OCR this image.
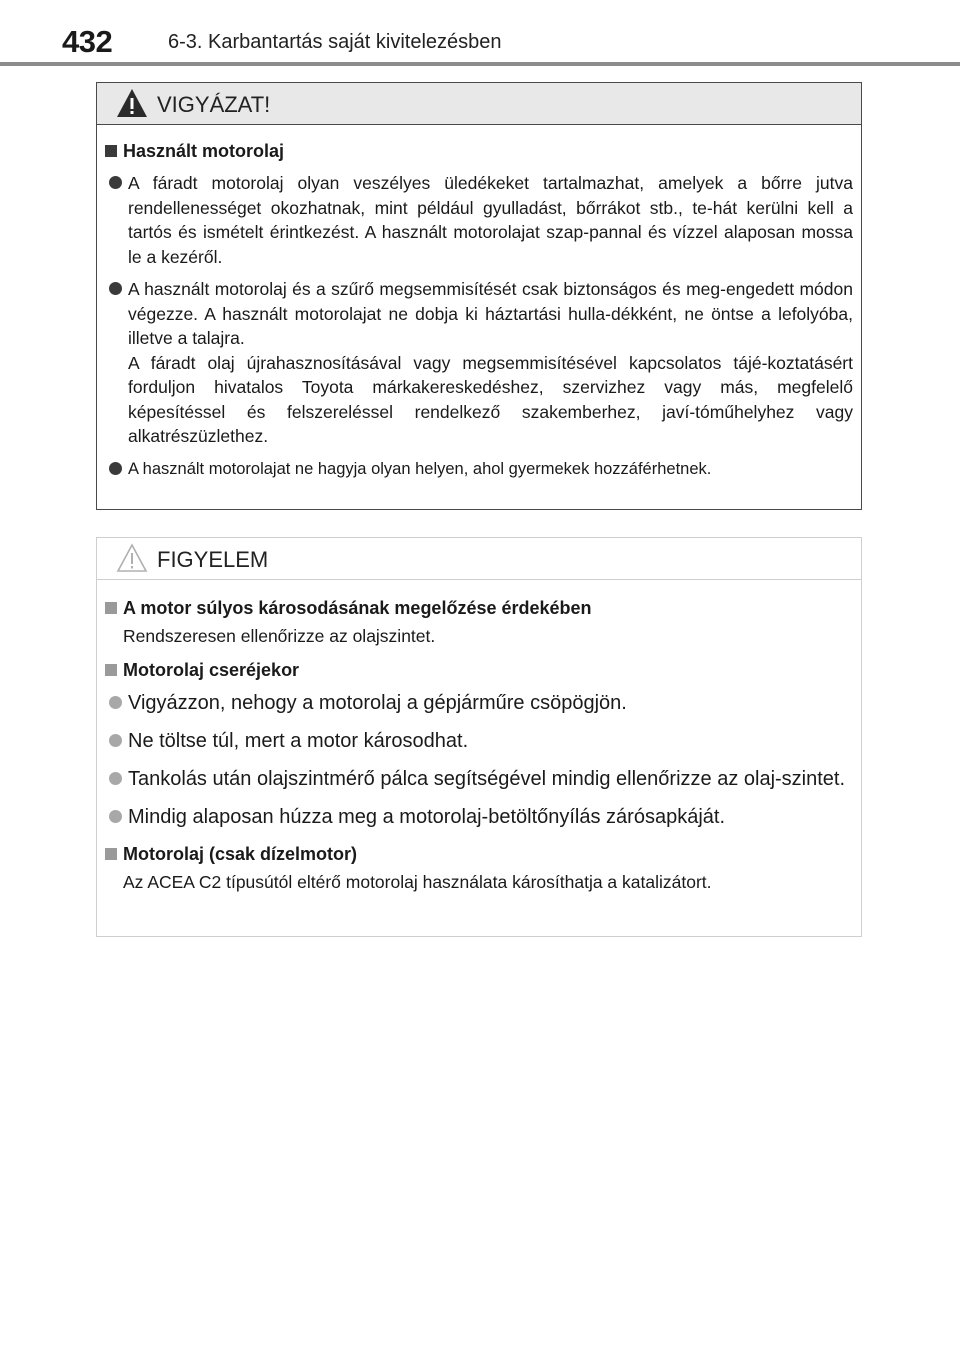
432	6-3. Karbantartás saját kivitelezésben
VIGYÁZAT!
Használt motorolaj

A fáradt motorolaj olyan veszélyes üledékeket tartalmazhat, amelyek a bőrre jutva rendellenességet okozhatnak, mint például gyulladást, bőrrákot stb., te-hát kerülni kell a tartós és ismételt érintkezést. A használt motorolajat szap-pannal és vízzel alaposan mossa le a kezéről.

A használt motorolaj és a szűrő megsemmisítését csak biztonságos és meg-engedett módon végezze. A használt motorolajat ne dobja ki háztartási hulla-dékként, ne öntse a lefolyóba, illetve a talajra.

A fáradt olaj újrahasznosításával vagy megsemmisítésével kapcsolatos tájé-koztatásért forduljon hivatalos Toyota márkakereskedéshez, szervizhez vagy más, megfelelő képesítéssel és felszereléssel rendelkező szakemberhez, javí-tóműhelyhez vagy alkatrészüzlethez.

A használt motorolajat ne hagyja olyan helyen, ahol gyermekek hozzáférhetnek.

FIGYELEM
A motor súlyos károsodásának megelőzése érdekében
Rendszeresen ellenőrizze az olajszintet.
Motorolaj cseréjekor
Vigyázzon, nehogy a motorolaj a gépjárműre csöpögjön.
Ne töltse túl, mert a motor károsodhat.
Tankolás után olajszintmérő pálca segítségével mindig ellenőrizze az olaj-szintet.
Mindig alaposan húzza meg a motorolaj-betöltőnyílás zárósapkáját.
Motorolaj (csak dízelmotor)
Az ACEA C2 típusútól eltérő motorolaj használata károsíthatja a katalizátort.
